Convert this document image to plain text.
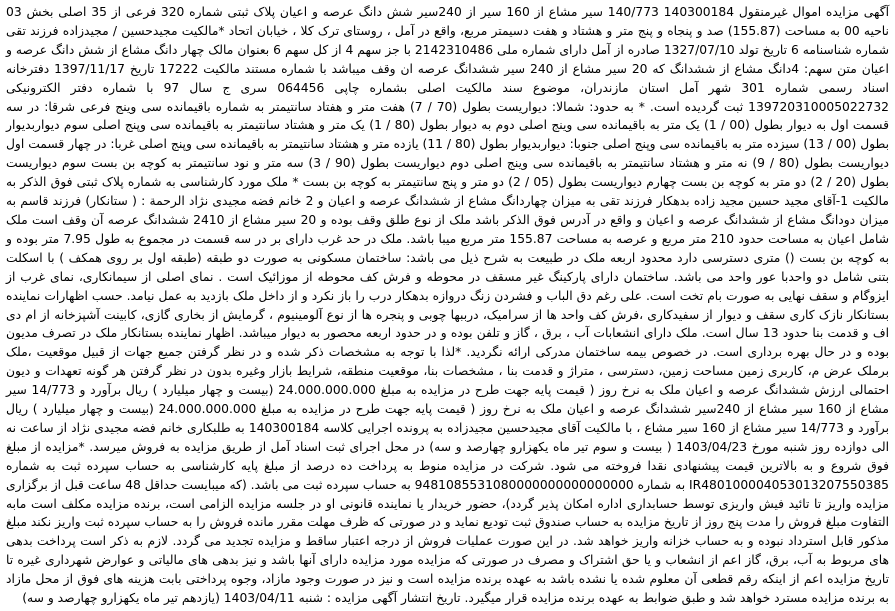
آگهی مزایده اموال غیرمنقول 140300184 140/773 سیر مشاع از 160 سیر از 240سیر شش دانگ عرصه و اعیان پلاک ثبتی شماره 320 فرعی از 35 اصلی بخش 03 ناحیه 00 به مساحت (155.87) صد و پنجاه و پنج متر و هشتاد و هفت دسیمتر مربع، واقع در آمل ، روستای ترک کلا ، خیابان اتحاد *مالکیت مجیدحسین / مجیدزاده فرزند تقی شماره شناسنامه 6 تاریخ تولد 1327/07/10 صادره از آمل دارای شماره ملی 2142310486 با جز سهم 4 از کل سهم 6 بعنوان مالک چهار دانگ مشاع از شش دانگ عرصه و اعیان متن سهم: 4دانگ مشاع از ششدانگ که 20 سیر مشاع از 240 سیر ششدانگ عرصه ان وقف میباشد با شماره مستند مالکیت 17222 تاریخ 1397/11/17 دفترخانه اسناد رسمی شماره 301 شهر آمل استان مازندران، موضوع سند مالکیت اصلی بشماره چاپی 064456 سری ج سال 97 با شماره دفتر الکترونیکی 139720310005022732 ثبت گردیده است. * به حدود: شمالا: دیواریست بطول (70 / 7) هفت متر و هفتاد سانتیمتر به شماره باقیمانده سی وینج فرعی شرقا: در سه قسمت اول به دیوار بطول (00 / 1) یک متر به باقیمانده سی وینج اصلی دوم به دیوار بطول (80 / 1) یک متر و هشتاد سانتیمتر به باقیمانده سی وپنج اصلی سوم دیواربدیوار بطول (00 / 13) سیزده متر به باقیمانده سی وپنج اصلی جنوبا: دیواربدیوار بطول (80 / 11) یازده متر و هشتاد سانتیمتر به باقیمانده سی وپنج اصلی غربا: در چهار قسمت اول دیواریست بطول (80 / 9) نه متر و هشتاد سانتیمتر به باقیمانده سی وینج اصلی دوم دیواریست بطول (90 / 3) سه متر و نود سانتیمتر به کوچه بن بست سوم دیواریست بطول (20 / 2) دو متر به کوچه بن بست چهارم دیواریست بطول (05 / 2) دو متر و پنج سانتیمتر به کوچه بن بست * ملک مورد کارشناسی به شماره پلاک ثبتی فوق الذکر به مالکیت 1-آقای مجید حسین مجید زاده بدهکار فرزند تقی به میزان چهاردانگ مشاع از ششدانگ عرصه و اعیان و 2 خانم فضه مجیدی نژاد الرحمة : ( ستانکار) فرزند قاسم به میزان دودانگ مشاع از ششدانگ عرصه و اعیان و واقع در آدرس فوق الذکر باشد ملک از نوع طلق وقف بوده و 20 سیر مشاع از 2410 ششدانگ عرصه آن وقف است ملک شامل اعیان به مساحت حدود 210 متر مربع و عرصه به مساحت 155.87 متر مربع میبا باشد. ملک در حد غرب دارای بر در سه قسمت در مجموع به طول 7.95 متر بوده و به کوچه بن بست () متری دسترسی دارد محدود اربعه ملک در طبیعت به شرح ذیل می باشد: ساختمان مسکونی به صورت دو طبقه (طبقه اول بر روی همکف ) با اسکلت بتنی شامل دو واحدبا عور واحد می باشد. ساختمان دارای پارکینگ غیر مسقف در محوطه و فرش کف محوطه از موزائیک است . نمای اصلی از سیمانکاری، نمای غرب از ایزوگام و سقف نهایی به صورت بام تخت است. علی رغم دق الباب و فشردن زنگ دروازه بدهکار درب را باز نکرد و از داخل ملک بازدید به عمل نیامد. حسب اظهارات نماینده بستانکار نازک کاری سقف و دیوار از سفیدکاری ،فرش کف واحد ها از سرامیک، درببها چوبی و پنجره ها از نوع آلومینیوم ، گرمایش از بخاری گازی، کابینت آشپزخانه از ام دی اف و قدمت بنا حدود 13 سال است. ملک دارای انشعابات آب ، برق ، گاز و تلفن بوده و در حدود اربعه محصور به دیوار میباشد. اظهار نماینده بستانکار ملک در تصرف مدیون بوده و در حال بهره برداری است. در خصوص بیمه ساختمان مدرکی ارائه نگردید. *لذا با توجه به مشخصات ذکر شده و در نظر گرفتن جمیع جهات از قبیل موقعیت ،ملک برملک عرض م، کاربری زمین مساحت زمین، دسترسی ، متراژ و قدمت بنا ، مشخصات بنا، موقعیت منطقه، شرایط بازار وغیره بدون در نظر گرفتن هر گونه تعهدات و دیون احتمالی ارزش ششدانگ عرصه و اعیان ملک به نرخ روز ( قیمت پایه جهت طرح در مزایده به مبلغ 24.000.000.000 (بیست و چهار میلیارد ) ریال برآورد و 14/773 سیر مشاع از 160 سیر مشاع از 240سیر ششدانگ عرصه و اعیان ملک به نرخ روز ( قیمت پایه جهت طرح در مزایده به مبلغ 24.000.000.000 (بیست و چهار میلیارد ) ریال برآورد و 14/773 سیر مشاع از 160 سیر مشاع ، با مالکیت آقای مجیدحسین مجیدزاده به پرونده اجرایی کلاسه 140300184 به طلبکاری خانم فضه مجیدی نژاد از ساعت نه الی دوازده روز شنبه مورخ 1403/04/23 ( بیست و سوم تیر ماه یکهزارو چهارصد و سه) در محل اجرای ثبت اسناد آمل از طریق مزایده به فروش میرسد. *مزایده از مبلغ فوق شروع و به بالاترین قیمت پیشنهادی نقدا فروخته می شود. شرکت در مزایده منوط به پرداخت ده درصد از مبلغ پایه کارشناسی به حساب سپرده ثبت به شماره IR480100004053013207550385 به شماره 9481085531080000000000000000 به حساب سپرده ثبت می باشد. (که میبایست حداقل 48 ساعت قبل از برگزاری مزایده واریز تا تائید فیش واریزی توسط حسابداری اداره امکان پذیر گردد)، حضور خریدار یا نماینده قانونی او در جلسه مزایده الزامی است، برنده مزایده مکلف است مابه التفاوت مبلغ فروش را مدت پنج روز از تاریخ مزایده به حساب صندوق ثبت تودیع نماید و در صورتی که ظرف مهلت مقرر مانده فروش را به حساب سپرده ثبت واریز نکند مبلغ مذکور قابل استرداد نبوده و به حساب خزانه واریز خواهد شد. در این صورت عملیات فروش از درجه اعتبار ساقط و مزایده تجدید می گردد. لازم به ذکر است پرداخت بدهی های مربوط به آب، برق، گاز اعم از انشعاب و یا حق اشتراک و مصرف در صورتی که مزایده مورد مزایده دارای آنها باشد و نیز بدهی های مالیاتی و عوارض شهرداری غیره تا تاریخ مزایده اعم از اینکه رقم قطعی آن معلوم شده یا نشده باشد به عهده برنده مزایده است و نیز در صورت وجود مازاد، وجوه پرداختی بابت هزینه های فوق از محل مازاد به برنده مزایده مسترد خواهد شد و طبق ضوابط به عهده برنده مزایده قرار میگیرد. تاریخ انتشار آگهی مزایده : شنبه 1403/04/11 (یازدهم تیر ماه یکهزارو چهارصد و سه)
